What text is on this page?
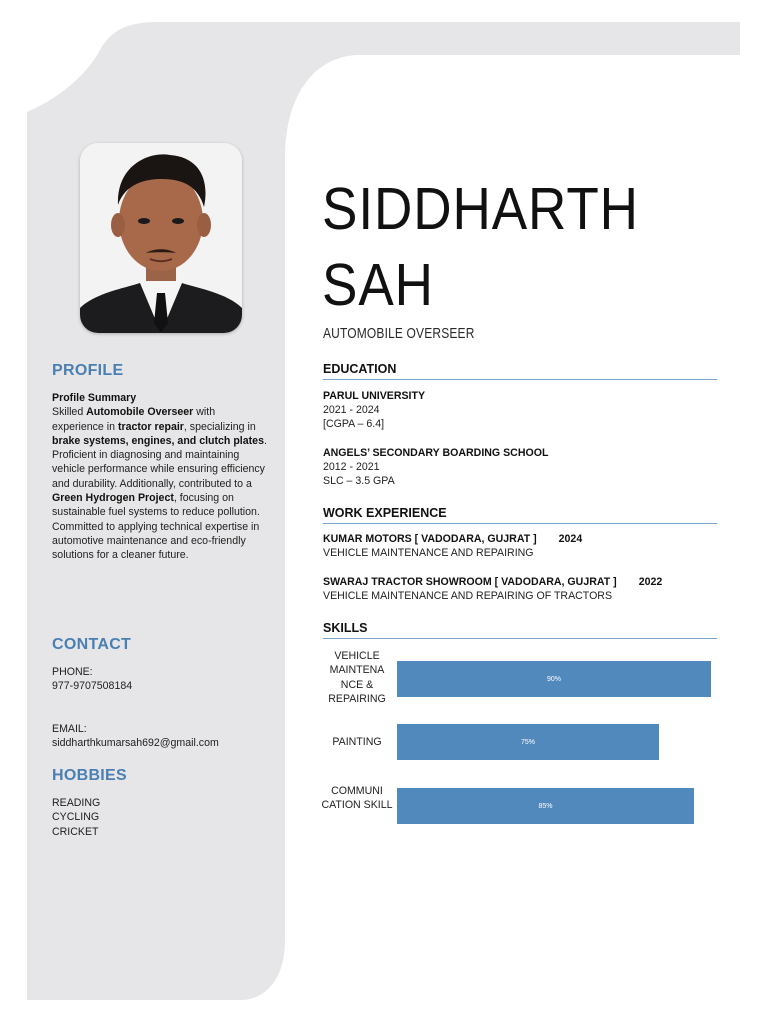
PROFILE

Profile Summary

Skilled Automobile Overseer with experience in tractor repair, specializing in brake systems, engines, and clutch plates. Proficient in diagnosing and maintaining vehicle performance while ensuring efficiency and durability. Additionally, contributed to a Green Hydrogen Project, focusing on sustainable fuel systems to reduce pollution. Committed to applying technical expertise in automotive maintenance and eco-friendly solutions for a cleaner future.

CONTACT

PHONE:

977-9707508184

EMAIL:

siddharthkumarsah692@gmail.com

HOBBIES

READING

CYCLING

CRICKET

SIDDHARTH
SAH
AUTOMOBILE OVERSEER
EDUCATION
PARUL UNIVERSITY
2021 - 2024
[CGPA – 6.4]
ANGELS’ SECONDARY BOARDING SCHOOL
2012 - 2021
SLC – 3.5 GPA
WORK EXPERIENCE
KUMAR MOTORS [ VADODARA, GUJRAT ] 2024
VEHICLE MAINTENANCE AND REPAIRING
SWARAJ TRACTOR SHOWROOM [ VADODARA, GUJRAT ] 2022
VEHICLE MAINTENANCE AND REPAIRING OF TRACTORS
SKILLS
VEHICLE MAINTENA NCE & REPAIRING
90%
PAINTING	75%
COMMUNI CATION SKILL	85%
